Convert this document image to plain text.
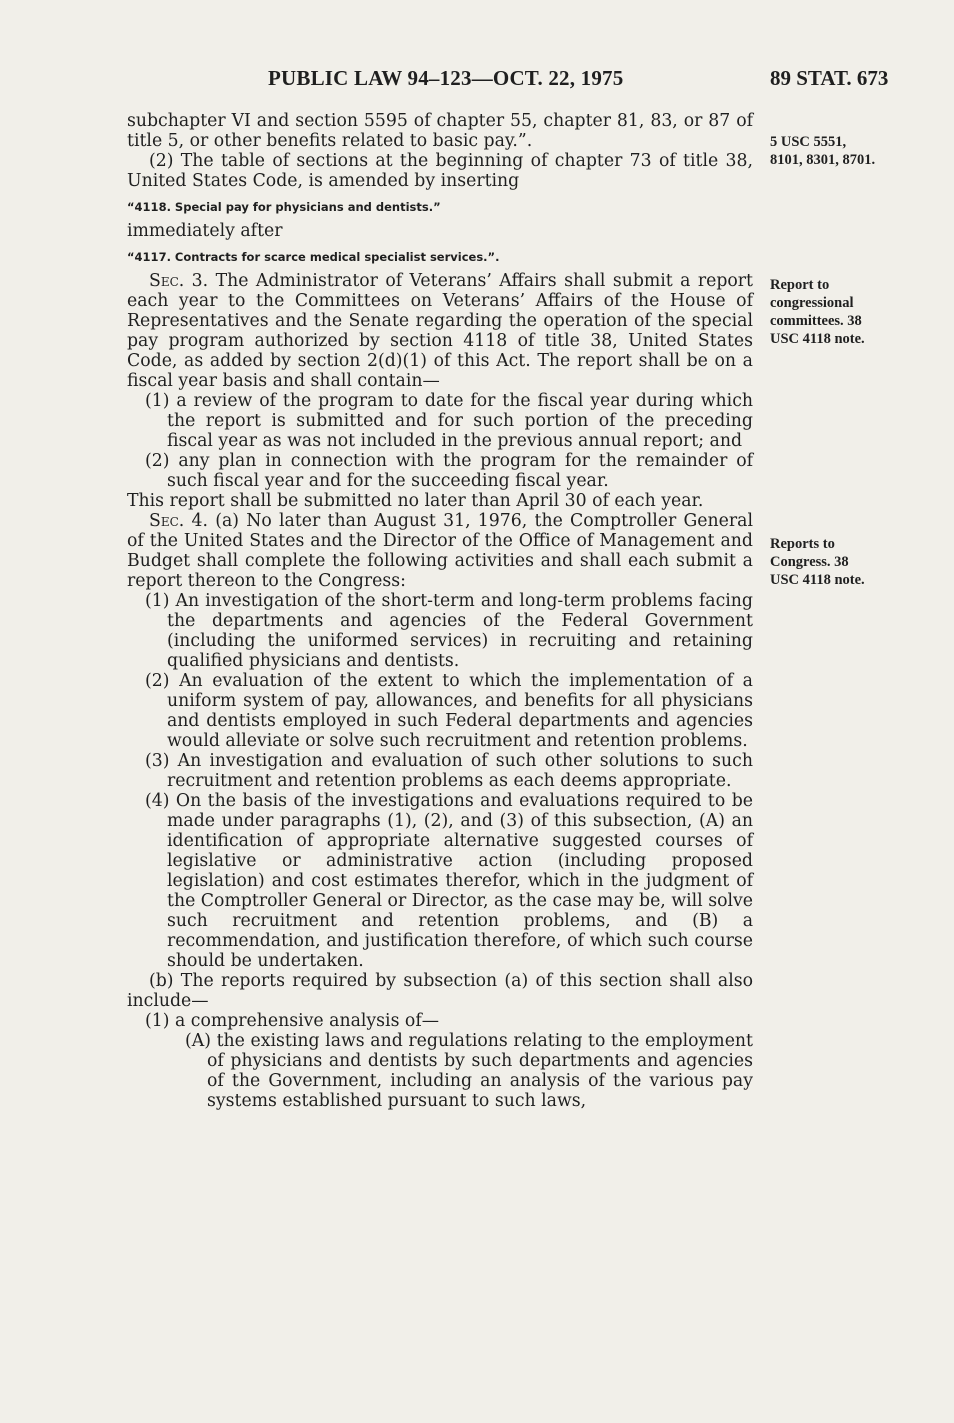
PUBLIC LAW 94–123—OCT. 22, 1975	89 STAT. 673

subchapter VI and section 5595 of chapter 55, chapter 81, 83, or 87 of title 5, or other benefits related to basic pay.”.

(2) The table of sections at the beginning of chapter 73 of title 38, United States Code, is amended by inserting

“4118. Special pay for physicians and dentists.”

immediately after

“4117. Contracts for scarce medical specialist services.”.

Sec. 3. The Administrator of Veterans’ Affairs shall submit a report each year to the Committees on Veterans’ Affairs of the House of Representatives and the Senate regarding the operation of the special pay program authorized by section 4118 of title 38, United States Code, as added by section 2(d)(1) of this Act. The report shall be on a fiscal year basis and shall contain—

(1) a review of the program to date for the fiscal year during which the report is submitted and for such portion of the preceding fiscal year as was not included in the previous annual report; and

(2) any plan in connection with the program for the remainder of such fiscal year and for the succeeding fiscal year.

This report shall be submitted no later than April 30 of each year.

Sec. 4. (a) No later than August 31, 1976, the Comptroller General of the United States and the Director of the Office of Management and Budget shall complete the following activities and shall each submit a report thereon to the Congress:

(1) An investigation of the short-term and long-term problems facing the departments and agencies of the Federal Government (including the uniformed services) in recruiting and retaining qualified physicians and dentists.

(2) An evaluation of the extent to which the implementation of a uniform system of pay, allowances, and benefits for all physicians and dentists employed in such Federal departments and agencies would alleviate or solve such recruitment and retention problems.

(3) An investigation and evaluation of such other solutions to such recruitment and retention problems as each deems appropriate.

(4) On the basis of the investigations and evaluations required to be made under paragraphs (1), (2), and (3) of this subsection, (A) an identification of appropriate alternative suggested courses of legislative or administrative action (including proposed legislation) and cost estimates therefor, which in the judgment of the Comptroller General or Director, as the case may be, will solve such recruitment and retention problems, and (B) a recommendation, and justification therefore, of which such course should be undertaken.

(b) The reports required by subsection (a) of this section shall also include—

(1) a comprehensive analysis of—

(A) the existing laws and regulations relating to the employment of physicians and dentists by such departments and agencies of the Government, including an analysis of the various pay systems established pursuant to such laws,

5 USC 5551, 8101, 8301, 8701.
Report to congressional committees. 38 USC 4118 note.
Reports to Congress. 38 USC 4118 note.
